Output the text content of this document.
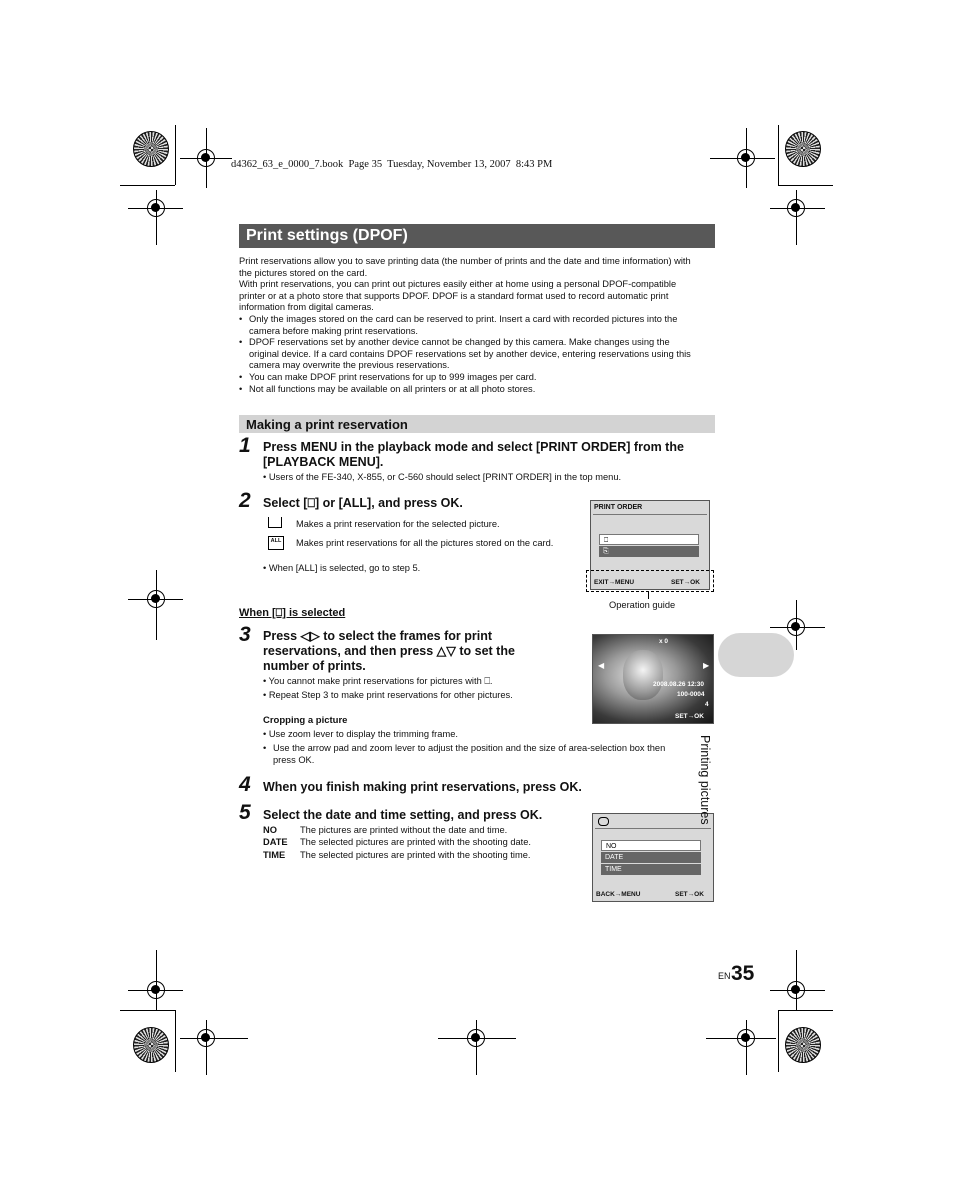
d4362_63_e_0000_7.book  Page 35  Tuesday, November 13, 2007  8:43 PM
Print settings (DPOF)
Print reservations allow you to save printing data (the number of prints and the date and time information) with
the pictures stored on the card.
With print reservations, you can print out pictures easily either at home using a personal DPOF-compatible
printer or at a photo store that supports DPOF. DPOF is a standard format used to record automatic print
information from digital cameras.
• Only the images stored on the card can be reserved to print. Insert a card with recorded pictures into the
camera before making print reservations.
• DPOF reservations set by another device cannot be changed by this camera. Make changes using the
original device. If a card contains DPOF reservations set by another device, entering reservations using this
camera may overwrite the previous reservations.
• You can make DPOF print reservations for up to 999 images per card.
• Not all functions may be available on all printers or at all photo stores.
Making a print reservation
1 Press MENU in the playback mode and select [PRINT ORDER] from the
[PLAYBACK MENU].
• Users of the FE-340, X-855, or C-560 should select [PRINT ORDER] in the top menu.
2 Select [⎕] or [ALL], and press OK.
Makes a print reservation for the selected picture.
ALL Makes print reservations for all the pictures stored on the card.
• When [ALL] is selected, go to step 5.
PRINT ORDER
⎕
⎘
EXIT→MENU	SET→OK
Operation guide
When [⎕] is selected
3 Press ◁▷ to select the frames for print
reservations, and then press △▽ to set the
number of prints.
• You cannot make print reservations for pictures with ⎕.
• Repeat Step 3 to make print reservations for other pictures.
x 0
◀	▶
2008.08.26 12:30
100-0004
4
SET→OK
Cropping a picture
• Use zoom lever to display the trimming frame.
• Use the arrow pad and zoom lever to adjust the position and the size of area-selection box then
press OK.
4 When you finish making print reservations, press OK.
5 Select the date and time setting, and press OK.
NO The pictures are printed without the date and time.
DATE The selected pictures are printed with the shooting date.
TIME The selected pictures are printed with the shooting time.
NO
DATE
TIME
BACK→MENU	SET→OK
Printing pictures
EN 35
